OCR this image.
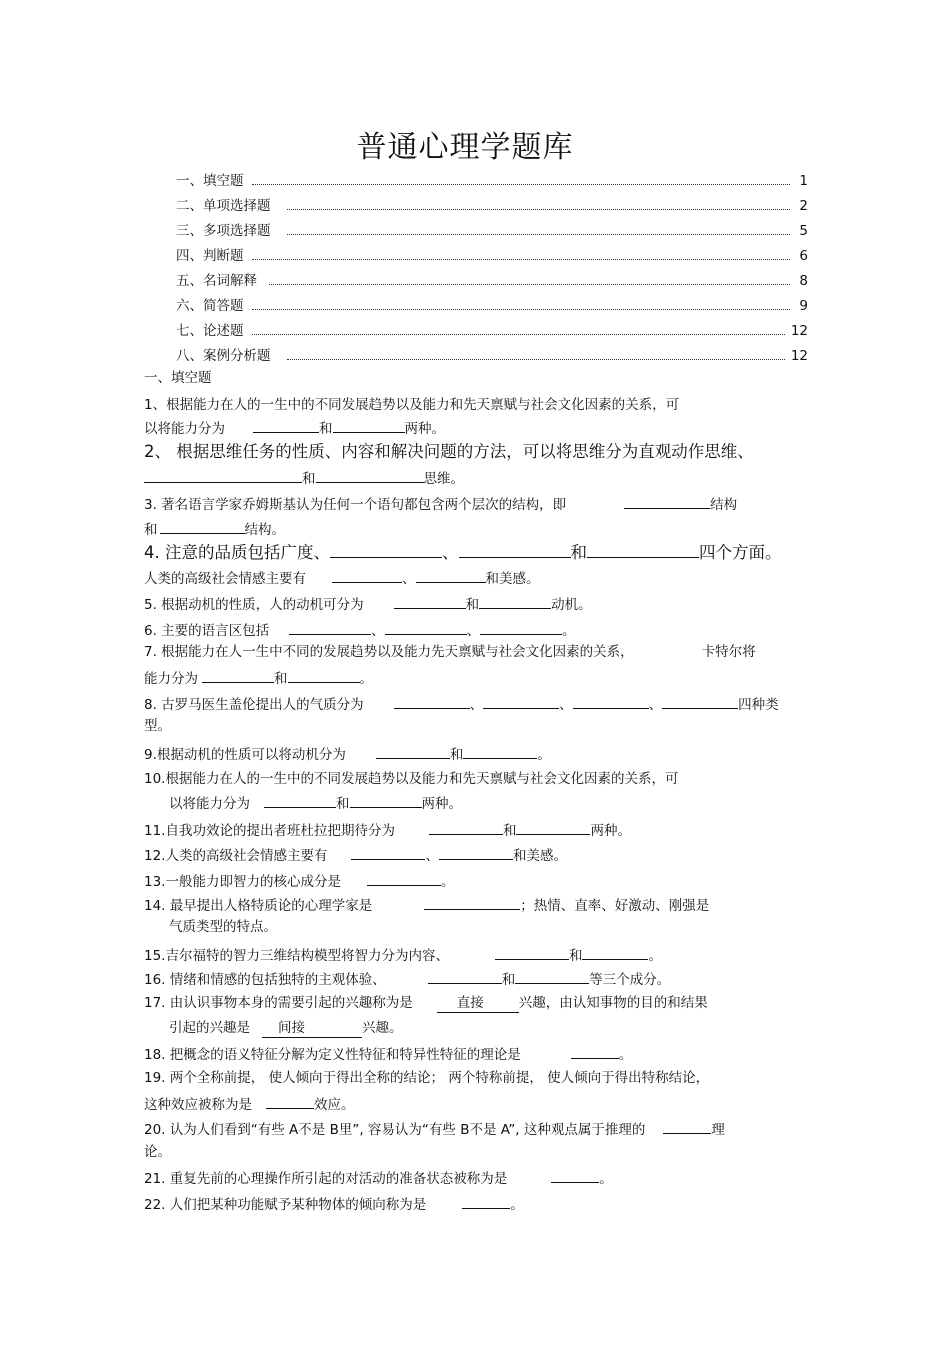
普通心理学题库
一、填空题	1
二、单项选择题	2
三、多项选择题	5
四、判断题	6
五、名词解释	8
六、简答题	9
七、论述题	12
八、案例分析题	12
一、填空题
1、根据能力在人的一生中的不同发展趋势以及能力和先天禀赋与社会文化因素的关系，可
以将能力分为	和	两种。
2、 根据思维任务的性质、内容和解决问题的方法，可以将思维分为直观动作思维、
和	思维。
3. 著名语言学家乔姆斯基认为任何一个语句都包含两个层次的结构，即	结构
和	结构。
4. 注意的品质包括广度、	、	和	四个方面。
人类的高级社会情感主要有	、	和美感。
5. 根据动机的性质，人的动机可分为	和	动机。
6. 主要的语言区包括	、	、	。
7. 根据能力在人一生中不同的发展趋势以及能力先天禀赋与社会文化因素的关系，	卡特尔将
能力分为	和	。
8. 古罗马医生盖伦提出人的气质分为	、	、	、	四种类
型。
9.根据动机的性质可以将动机分为	和	。
10.根据能力在人的一生中的不同发展趋势以及能力和先天禀赋与社会文化因素的关系，可
以将能力分为	和	两种。
11.自我功效论的提出者班杜拉把期待分为	和	两种。
12.人类的高级社会情感主要有	、	和美感。
13.一般能力即智力的核心成分是	。
14. 最早提出人格特质论的心理学家是	；热情、直率、好激动、刚强是
气质类型的特点。
15.吉尔福特的智力三维结构模型将智力分为内容、	和	。
16. 情绪和情感的包括独特的主观体验、	和	等三个成分。
17. 由认识事物本身的需要引起的兴趣称为是	直接	兴趣，由认知事物的目的和结果
引起的兴趣是 间接	兴趣。
18. 把概念的语义特征分解为定义性特征和特异性特征的理论是	。
19. 两个全称前提， 使人倾向于得出全称的结论； 两个特称前提， 使人倾向于得出特称结论，
这种效应被称为是	效应。
20. 认为人们看到“有些 A不是 B里”, 容易认为“有些 B不是 A”, 这种观点属于推理的	理
论。
21. 重复先前的心理操作所引起的对活动的准备状态被称为是	。
22. 人们把某种功能赋予某种物体的倾向称为是	。
